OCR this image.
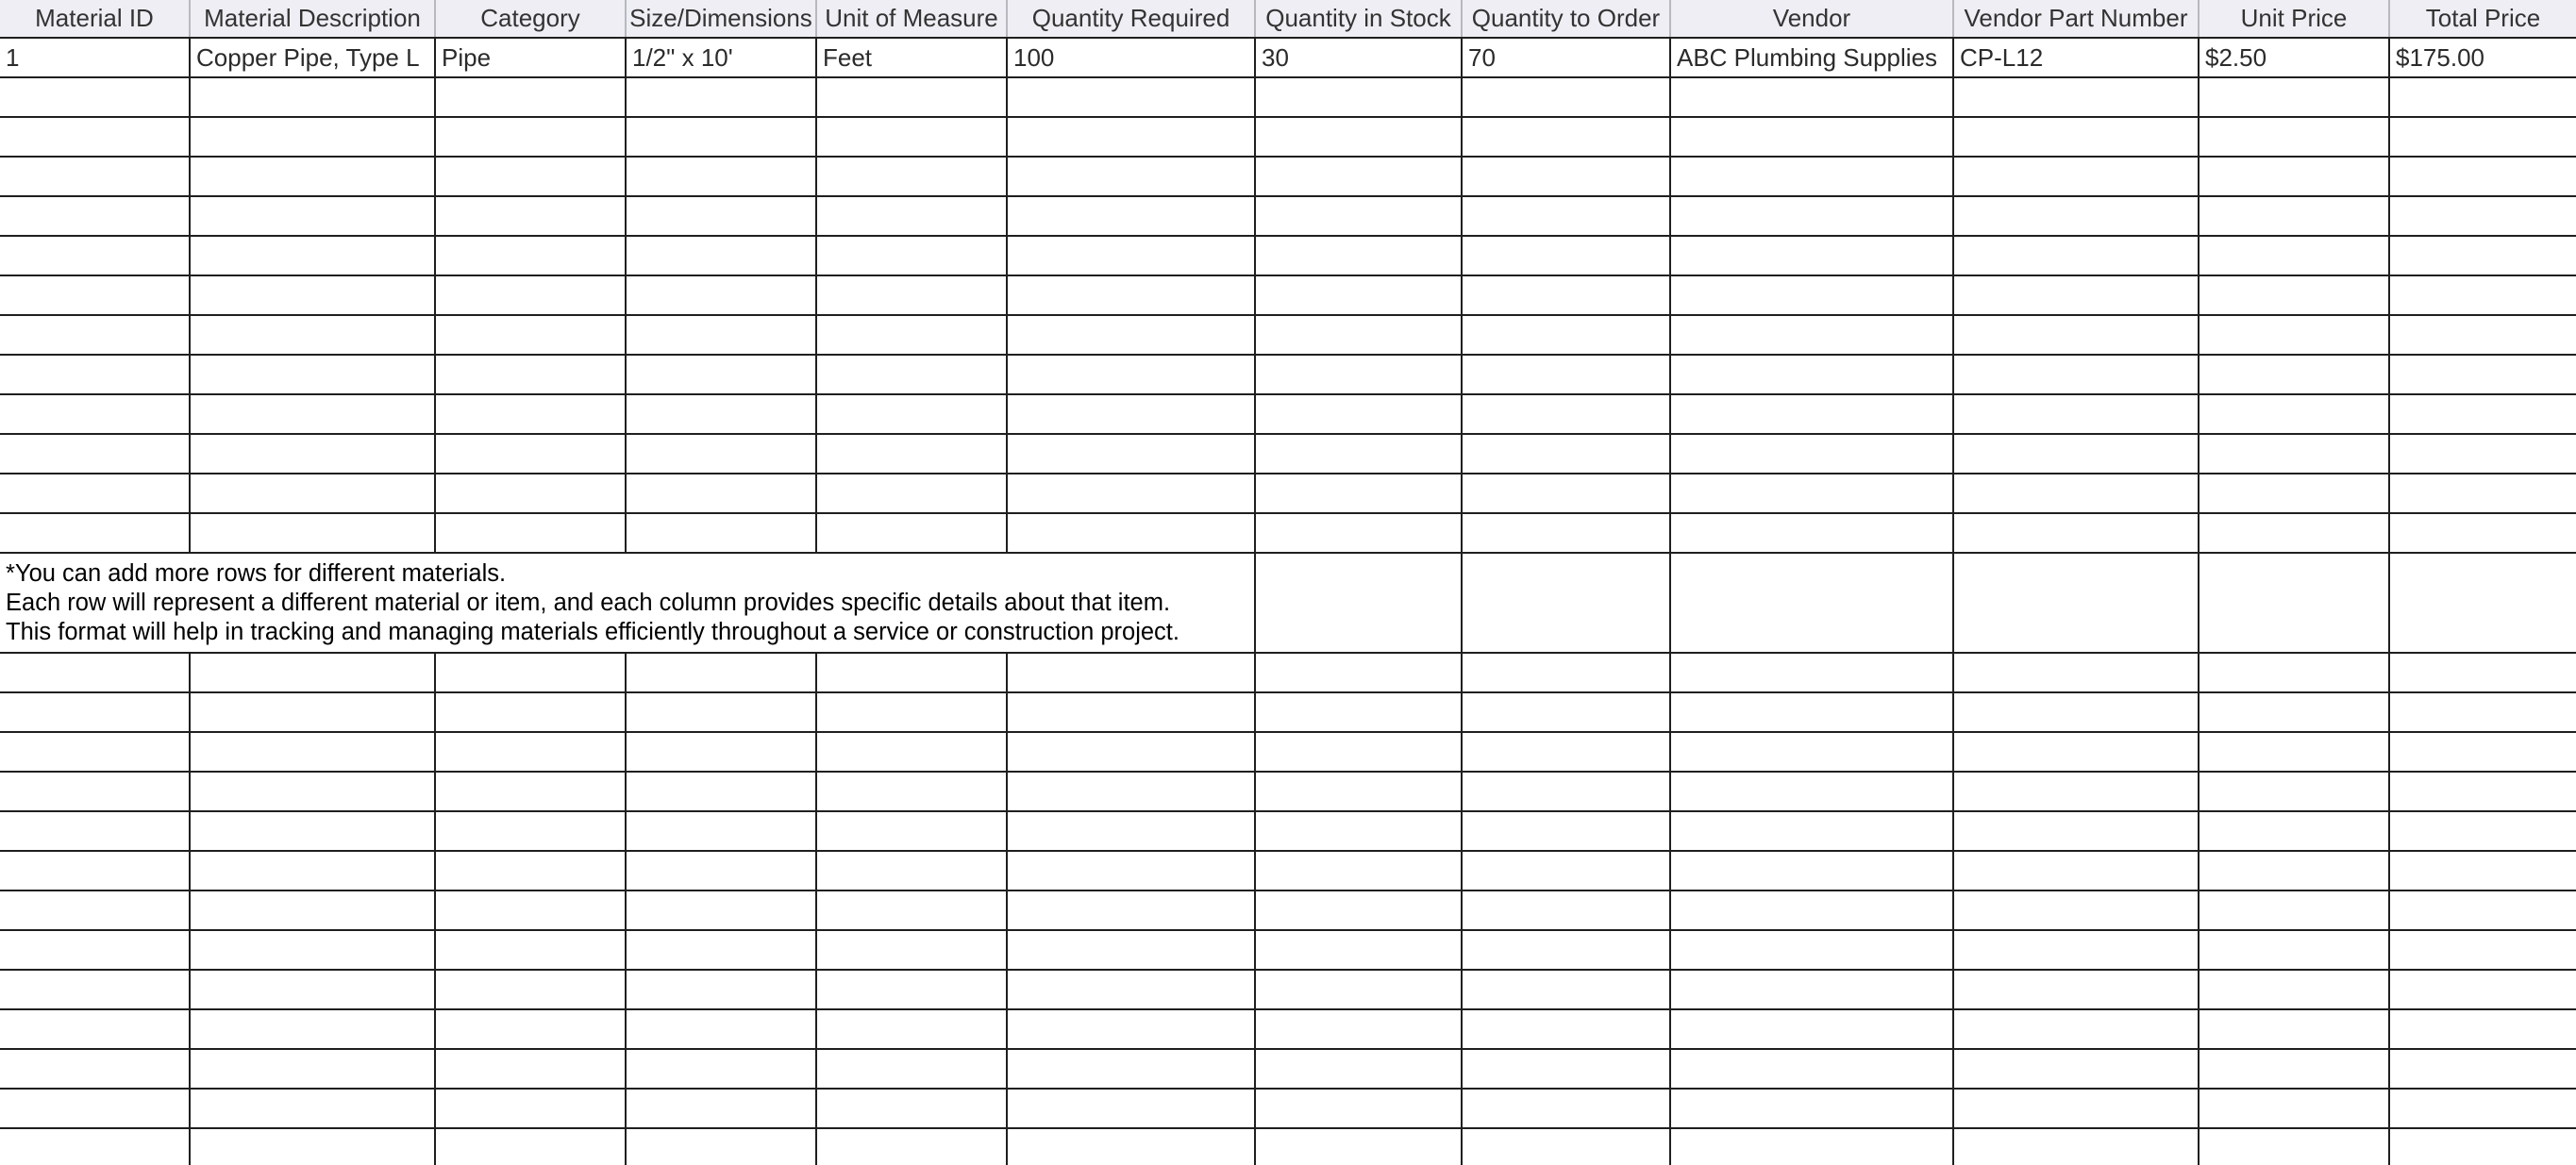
Material ID	Material Description	Category	Size/Dimensions	Unit of Measure	Quantity Required	Quantity in Stock	Quantity to Order	Vendor	Vendor Part Number	Unit Price	Total Price
1	Copper Pipe, Type L	Pipe	1/2" x 10'	Feet	100	30	70	ABC Plumbing Supplies	CP-L12	$2.50	$175.00

*You can add more rows for different materials.
Each row will represent a different material or item, and each column provides specific details about that item.
This format will help in tracking and managing materials efficiently throughout a service or construction project.											
